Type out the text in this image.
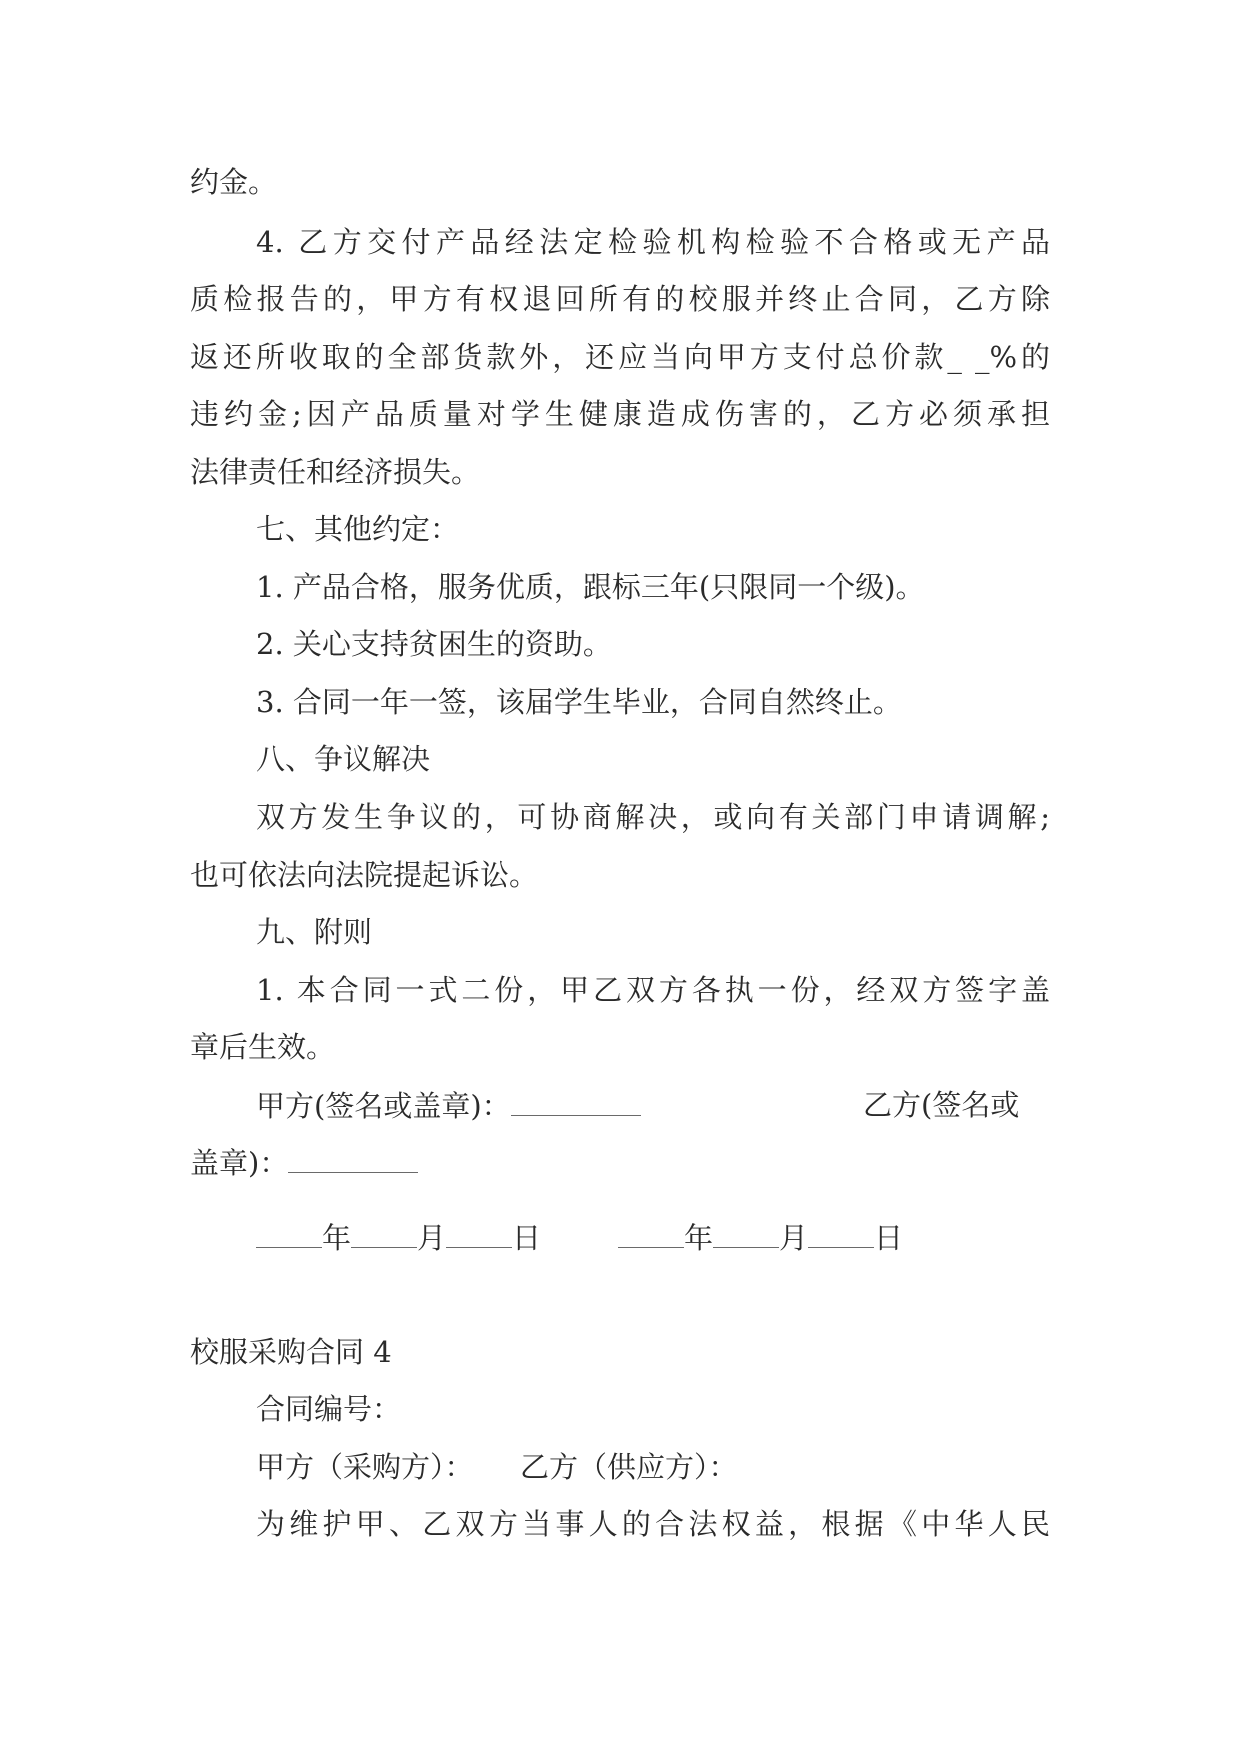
约金。
4. 乙方交付产品经法定检验机构检验不合格或无产品
质检报告的，甲方有权退回所有的校服并终止合同，乙方除
返还所收取的全部货款外，还应当向甲方支付总价款_ _%的
违约金;因产品质量对学生健康造成伤害的，乙方必须承担
法律责任和经济损失。
七、其他约定：
1. 产品合格，服务优质，跟标三年(只限同一个级)。
2. 关心支持贫困生的资助。
3. 合同一年一签，该届学生毕业，合同自然终止。
八、争议解决
双方发生争议的，可协商解决，或向有关部门申请调解;
也可依法向法院提起诉讼。
九、附则
1. 本合同一式二份，甲乙双方各执一份，经双方签字盖
章后生效。
甲方(签名或盖章)：	乙方(签名或
盖章)：
年 月 日	年 月 日
校服采购合同 4
合同编号：
甲方（采购方）： 乙方（供应方）：
为维护甲、乙双方当事人的合法权益，根据《中华人民
